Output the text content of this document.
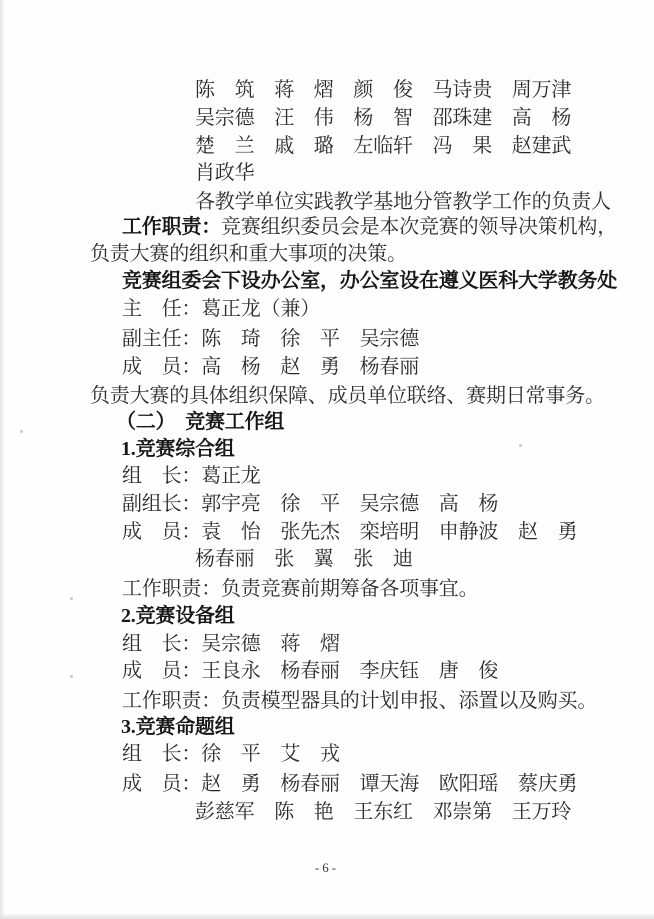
陈　筑　蒋　熠　颜　俊　马诗贵　周万津
吴宗德　汪　伟　杨　智　邵珠建　高　杨
楚　兰　戚　璐　左临轩　冯　果　赵建武
肖政华
各教学单位实践教学基地分管教学工作的负责人
工作职责：竞赛组织委员会是本次竞赛的领导决策机构，
负责大赛的组织和重大事项的决策。
竞赛组委会下设办公室，办公室设在遵义医科大学教务处
主　任：葛正龙（兼）
副主任：陈　琦　徐　平　吴宗德
成　员：高　杨　赵　勇　杨春丽
负责大赛的具体组织保障、成员单位联络、赛期日常事务。
（二）　竞赛工作组
1.竞赛综合组
组　长：葛正龙
副组长：郭宇亮　徐　平　吴宗德　高　杨
成　员：袁　怡　张先杰　栾培明　申静波　赵　勇
杨春丽　张　翼　张　迪
工作职责：负责竞赛前期筹备各项事宜。
2.竞赛设备组
组　长：吴宗德　蒋　熠
成　员：王良永　杨春丽　李庆钰　唐　俊
工作职责：负责模型器具的计划申报、添置以及购买。
3.竞赛命题组
组　长：徐　平　艾　戎
成　员：赵　勇　杨春丽　谭天海　欧阳瑶　蔡庆勇
彭慈军　陈　艳　王东红　邓崇第　王万玲
-6-
